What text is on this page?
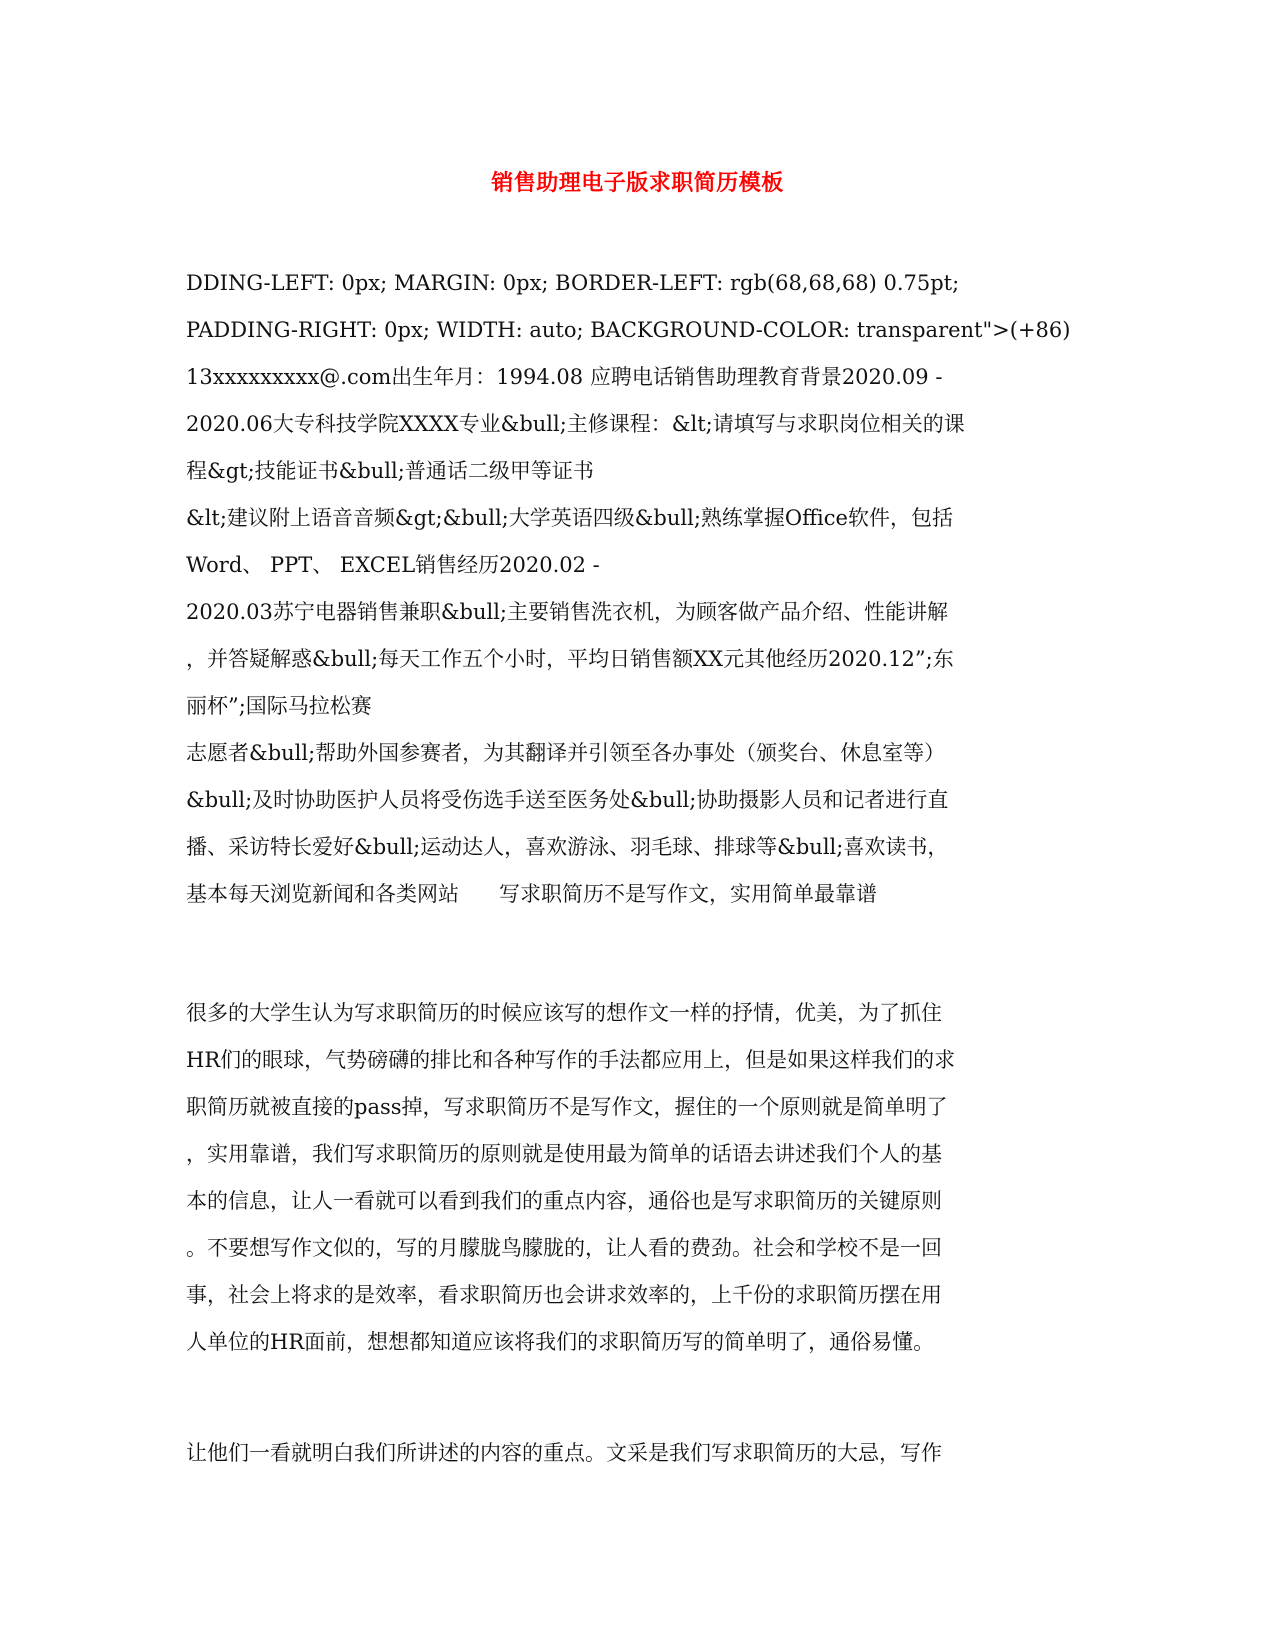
销售助理电子版求职简历模板
DDING-LEFT: 0px; MARGIN: 0px; BORDER-LEFT: rgb(68,68,68) 0.75pt;
PADDING-RIGHT: 0px; WIDTH: auto; BACKGROUND-COLOR: transparent">(+86)
13xxxxxxxxx@.com出生年月：1994.08 应聘电话销售助理教育背景2020.09 -
2020.06大专科技学院XXXX专业&bull;主修课程：&lt;请填写与求职岗位相关的课
程&gt;技能证书&bull;普通话二级甲等证书
&lt;建议附上语音音频&gt;&bull;大学英语四级&bull;熟练掌握Office软件，包括
Word、 PPT、 EXCEL销售经历2020.02 -
2020.03苏宁电器销售兼职&bull;主要销售洗衣机，为顾客做产品介绍、性能讲解
，并答疑解惑&bull;每天工作五个小时，平均日销售额XX元其他经历2020.12”;东
丽杯”;国际马拉松赛
志愿者&bull;帮助外国参赛者，为其翻译并引领至各办事处（颁奖台、休息室等）
&bull;及时协助医护人员将受伤选手送至医务处&bull;协助摄影人员和记者进行直
播、采访特长爱好&bull;运动达人，喜欢游泳、羽毛球、排球等&bull;喜欢读书，
基本每天浏览新闻和各类网站      写求职简历不是写作文，实用简单最靠谱
很多的大学生认为写求职简历的时候应该写的想作文一样的抒情，优美，为了抓住
HR们的眼球，气势磅礴的排比和各种写作的手法都应用上，但是如果这样我们的求
职简历就被直接的pass掉，写求职简历不是写作文，握住的一个原则就是简单明了
，实用靠谱，我们写求职简历的原则就是使用最为简单的话语去讲述我们个人的基
本的信息，让人一看就可以看到我们的重点内容，通俗也是写求职简历的关键原则
。不要想写作文似的，写的月朦胧鸟朦胧的，让人看的费劲。社会和学校不是一回
事，社会上将求的是效率，看求职简历也会讲求效率的，上千份的求职简历摆在用
人单位的HR面前，想想都知道应该将我们的求职简历写的简单明了，通俗易懂。
让他们一看就明白我们所讲述的内容的重点。文采是我们写求职简历的大忌，写作
